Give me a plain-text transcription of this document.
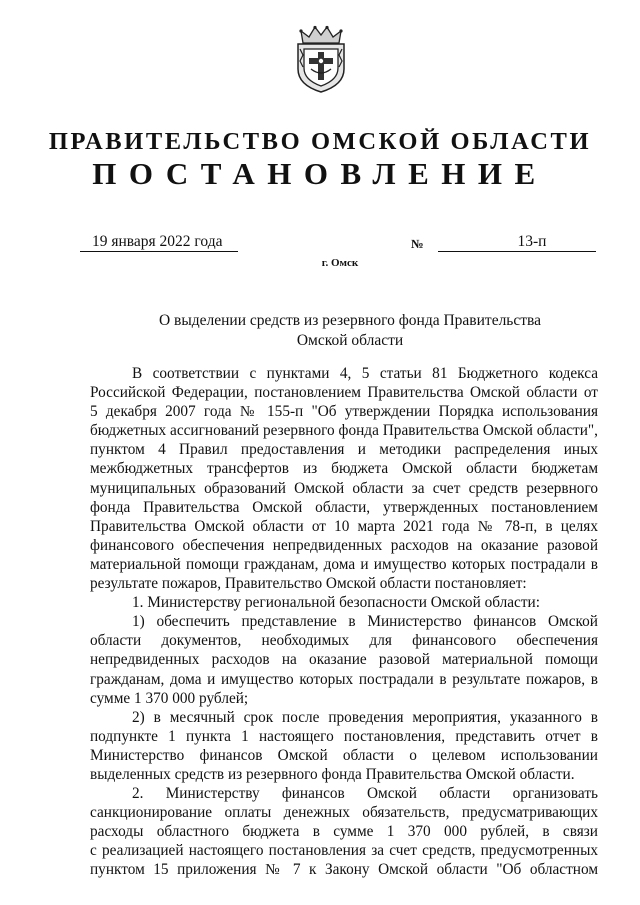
ПРАВИТЕЛЬСТВО ОМСКОЙ ОБЛАСТИ
ПОСТАНОВЛЕНИЕ
19 января 2022 года	№	13-п
г. Омск
О выделении средств из резервного фонда Правительства
Омской области

В соответствии с пунктами 4, 5 статьи 81 Бюджетного кодекса

Российской Федерации, постановлением Правительства Омской области от

5 декабря 2007 года № 155-п "Об утверждении Порядка использования

бюджетных ассигнований резервного фонда Правительства Омской области",

пунктом 4 Правил предоставления и методики распределения иных

межбюджетных трансфертов из бюджета Омской области бюджетам

муниципальных образований Омской области за счет средств резервного

фонда Правительства Омской области, утвержденных постановлением

Правительства Омской области от 10 марта 2021 года № 78-п, в целях

финансового обеспечения непредвиденных расходов на оказание разовой

материальной помощи гражданам, дома и имущество которых пострадали в

результате пожаров, Правительство Омской области постановляет:

1. Министерству региональной безопасности Омской области:

1) обеспечить представление в Министерство финансов Омской

области документов, необходимых для финансового обеспечения

непредвиденных расходов на оказание разовой материальной помощи

гражданам, дома и имущество которых пострадали в результате пожаров, в

сумме 1 370 000 рублей;

2) в месячный срок после проведения мероприятия, указанного в

подпункте 1 пункта 1 настоящего постановления, представить отчет в

Министерство финансов Омской области о целевом использовании

выделенных средств из резервного фонда Правительства Омской области.

2. Министерству финансов Омской области организовать

санкционирование оплаты денежных обязательств, предусматривающих

расходы областного бюджета в сумме 1 370 000 рублей, в связи

с реализацией настоящего постановления за счет средств, предусмотренных

пунктом 15 приложения № 7 к Закону Омской области "Об областном
